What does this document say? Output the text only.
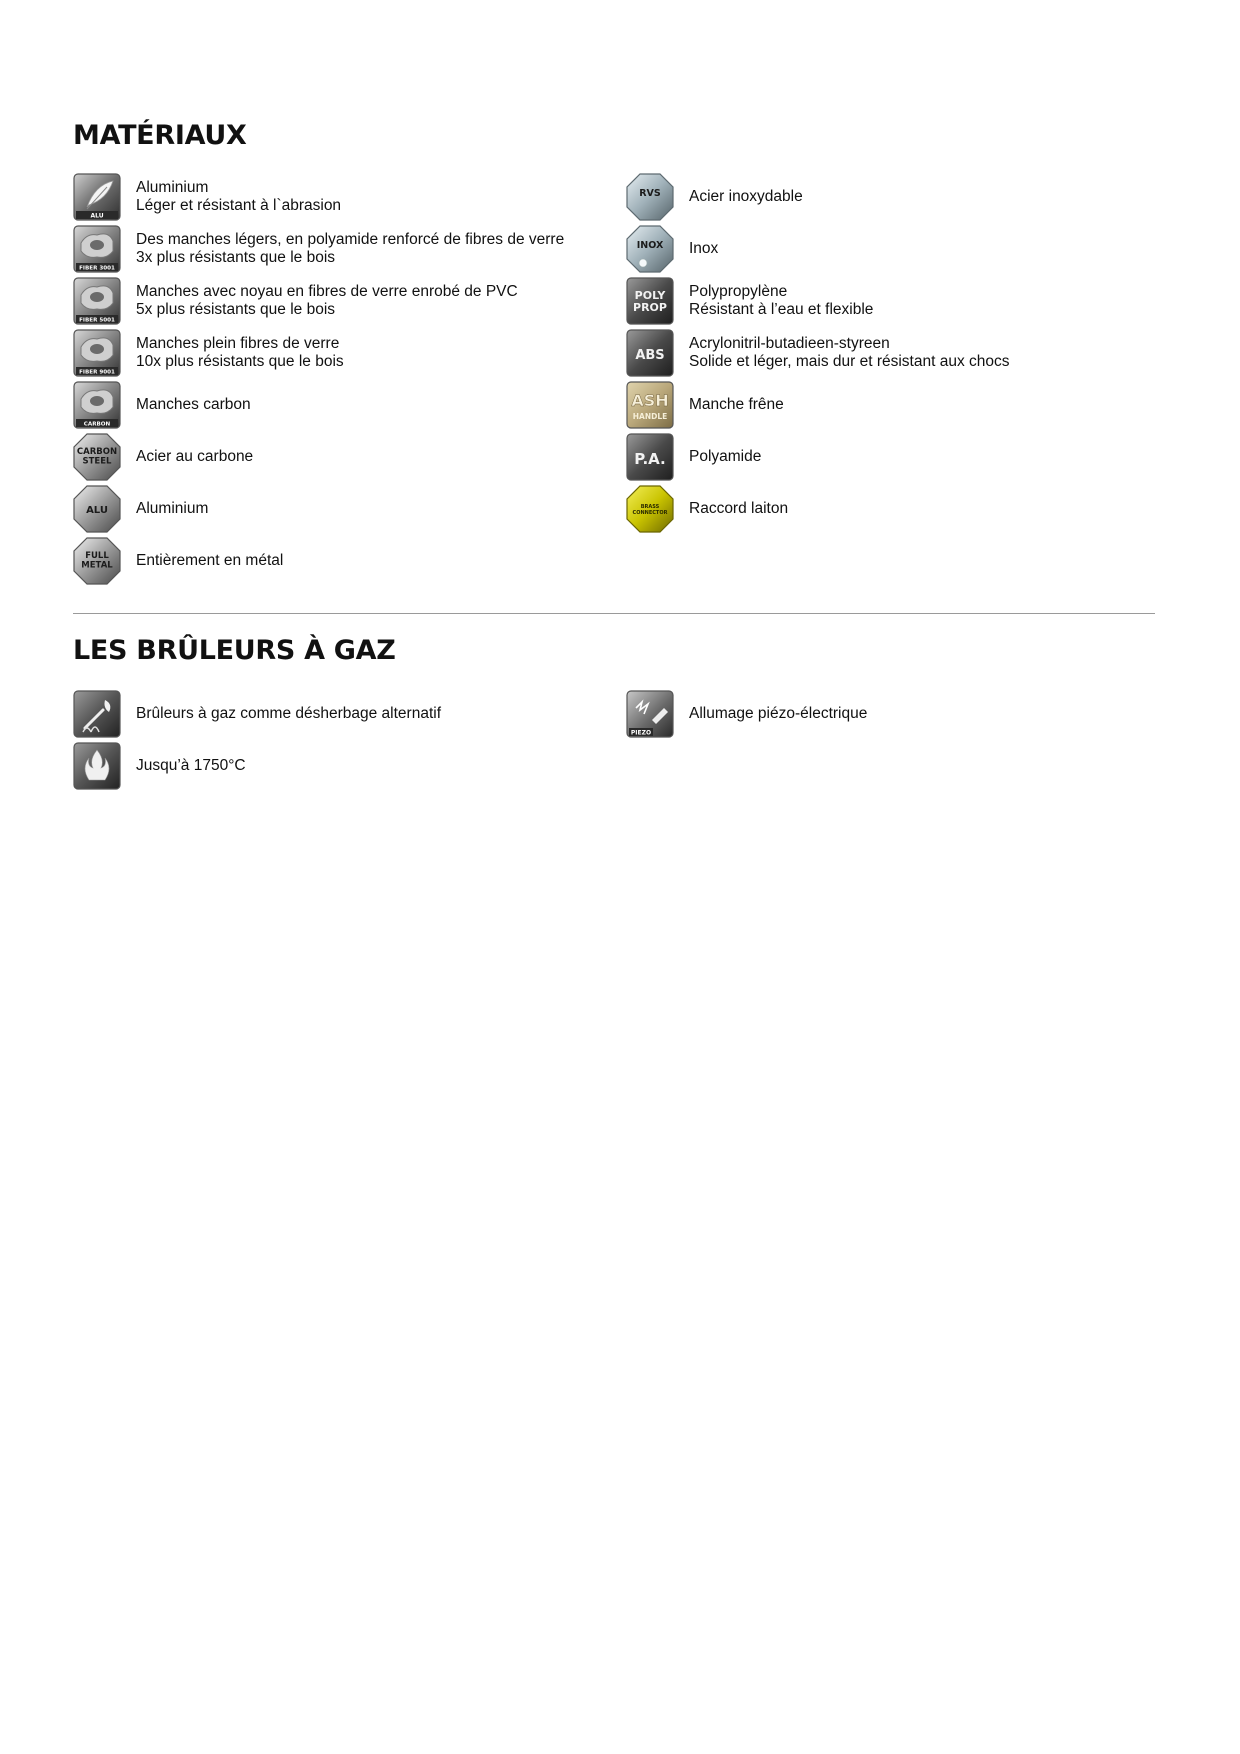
MATÉRIAUX
ALU
Aluminium
Léger et résistant à l`abrasion
FIBER 3001
Des manches légers, en polyamide renforcé de fibres de verre
3x plus résistants que le bois
FIBER 5001
Manches avec noyau en fibres de verre enrobé de PVC
5x plus résistants que le bois
FIBER 9001
Manches plein fibres de verre
10x plus résistants que le bois
CARBON
Manches carbon
CARBON
STEEL Acier au carbone
ALU Aluminium
FULL
METAL Entièrement en métal
RVS Acier inoxydable
INOX Inox
POLY
PROP
Polypropylène
Résistant à l’eau et flexible
ABS
Acrylonitril-butadieen-styreen
Solide et léger, mais dur et résistant aux chocs
ASH
HANDLE
Manche frêne
P.A. Polyamide
BRASS
CONNECTOR Raccord laiton
LES BRÛLEURS À GAZ
Brûleurs à gaz comme désherbage alternatif
Jusqu’à 1750°C
PIEZO
Allumage piézo-électrique
